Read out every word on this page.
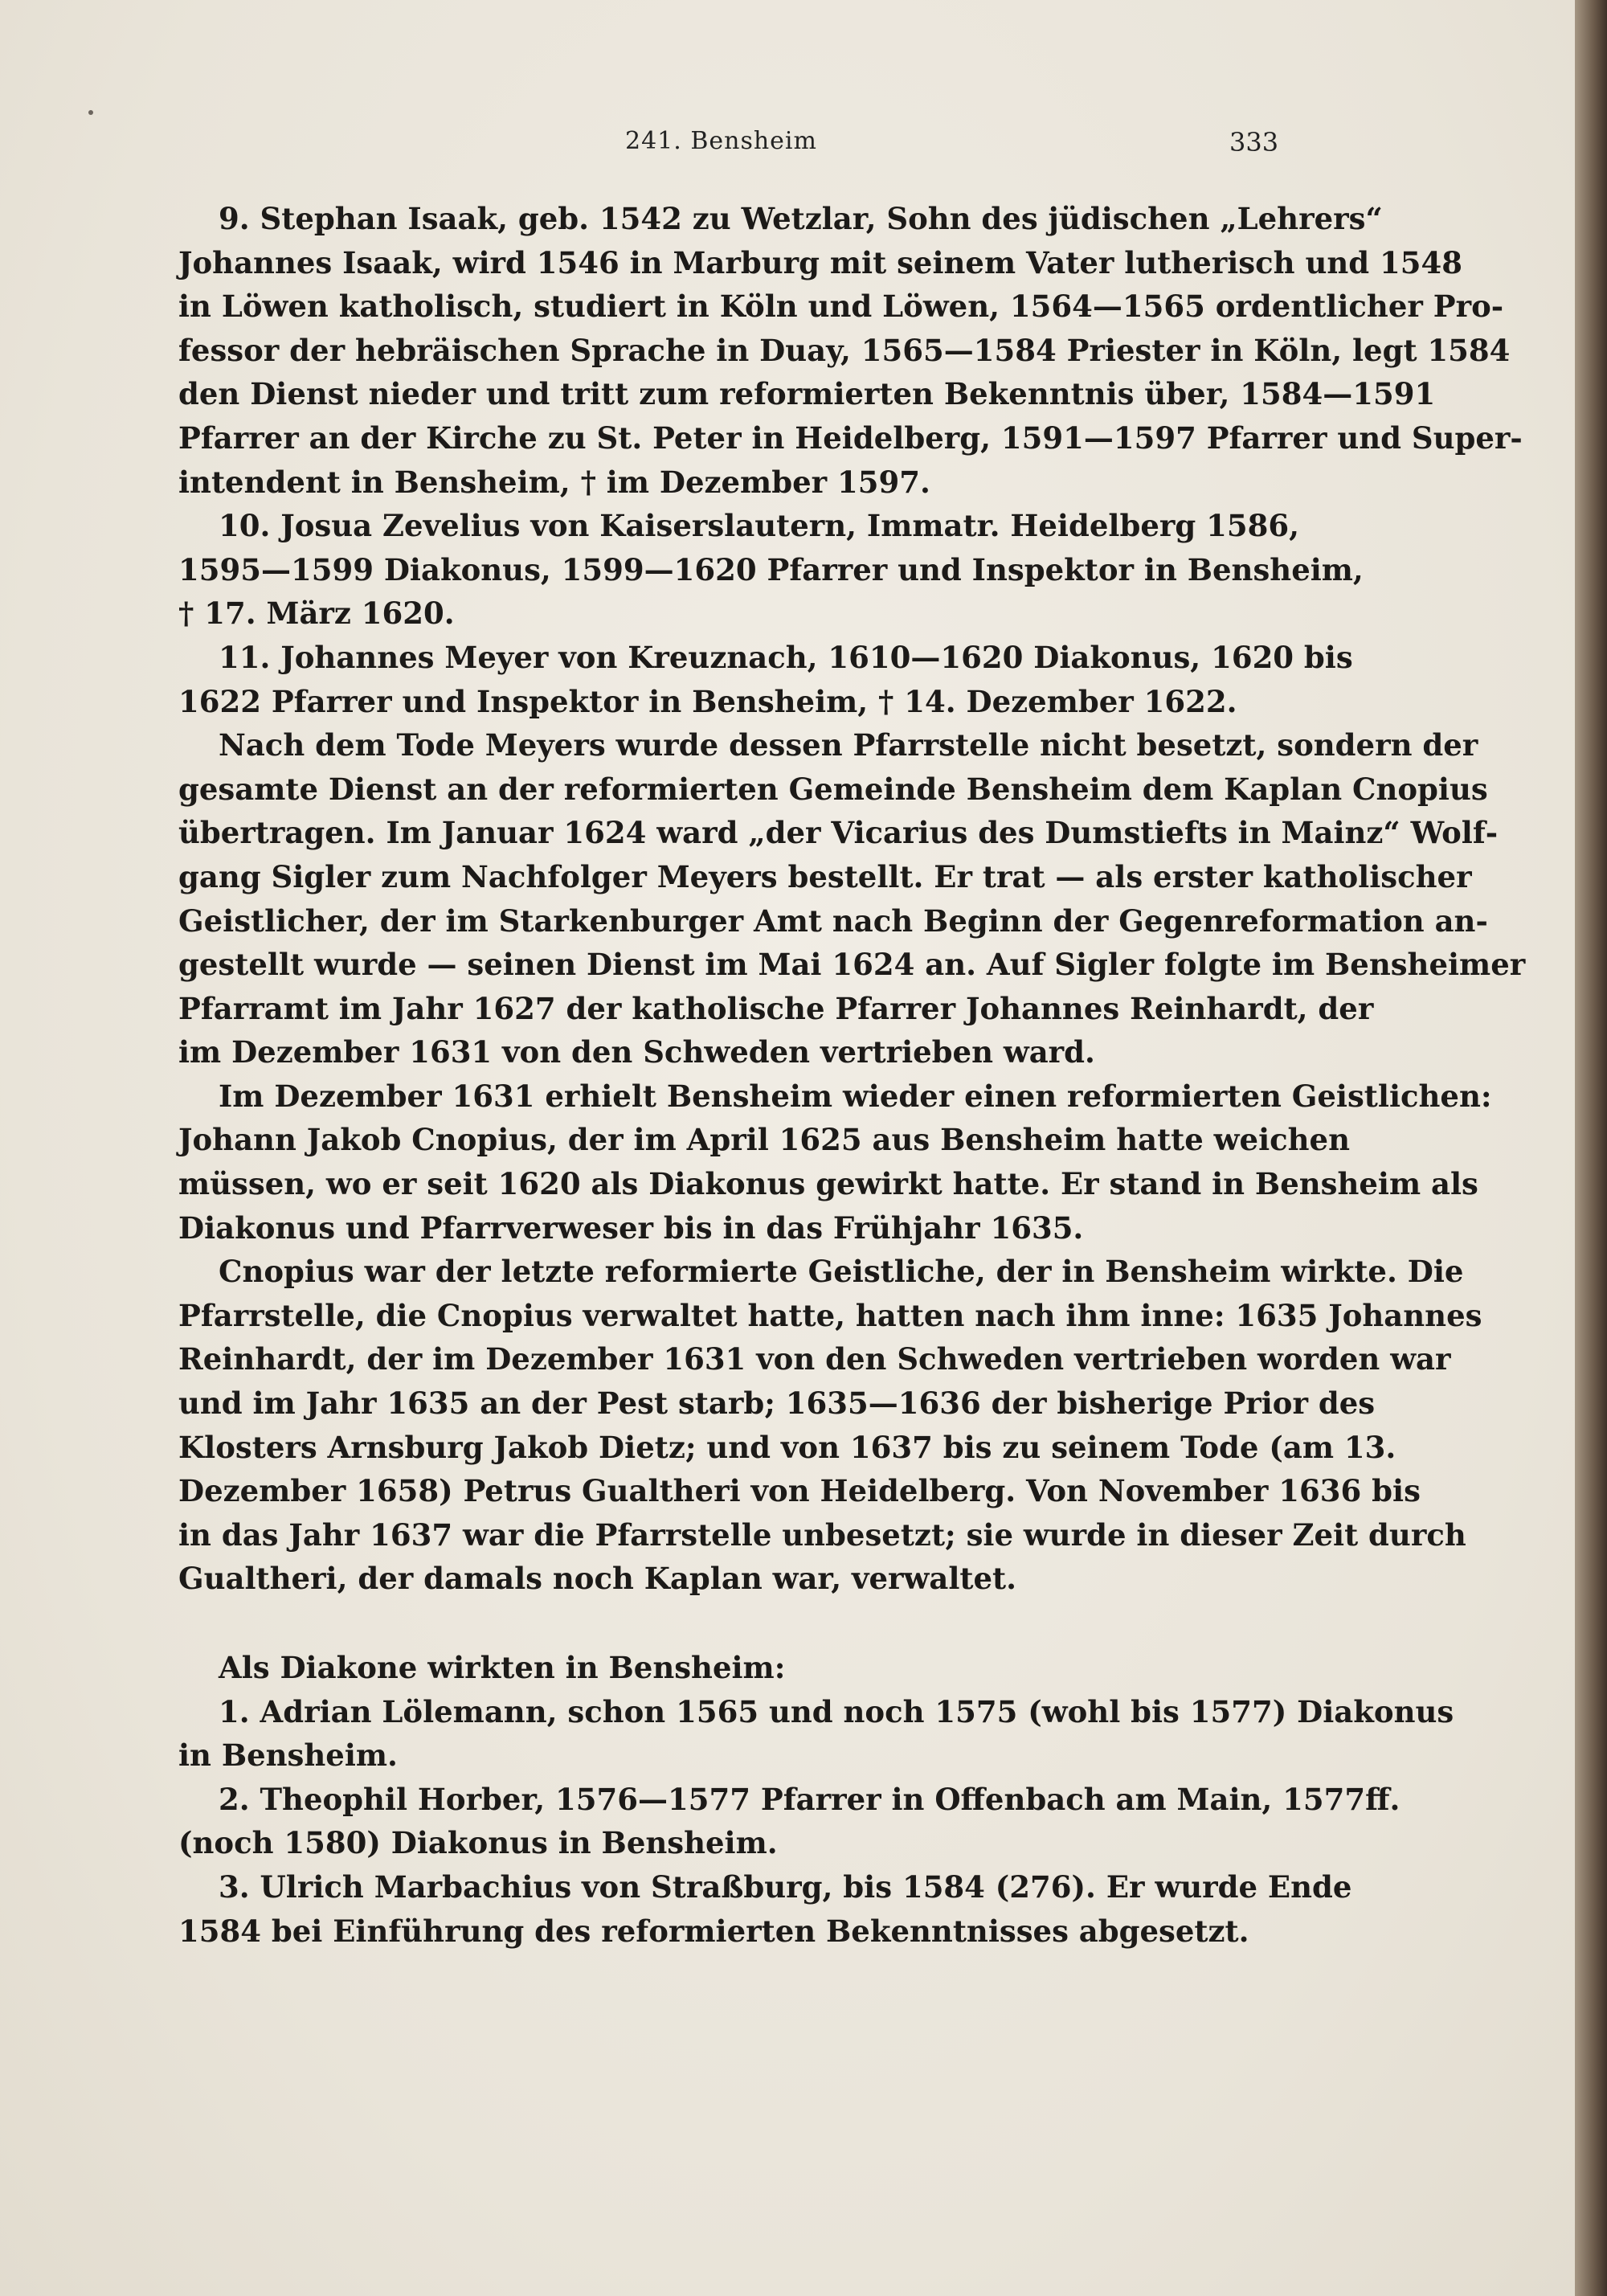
241. Bensheim	333
9. Stephan Isaak, geb. 1542 zu Wetzlar, Sohn des jüdischen „Lehrers“
Johannes Isaak, wird 1546 in Marburg mit seinem Vater lutherisch und 1548
in Löwen katholisch, studiert in Köln und Löwen, 1564—1565 ordentlicher Pro‑
fessor der hebräischen Sprache in Duay, 1565—1584 Priester in Köln, legt 1584
den Dienst nieder und tritt zum reformierten Bekenntnis über, 1584—1591
Pfarrer an der Kirche zu St. Peter in Heidelberg, 1591—1597 Pfarrer und Super‑
intendent in Bensheim, † im Dezember 1597.
10. Josua Zevelius von Kaiserslautern, Immatr. Heidelberg 1586,
1595—1599 Diakonus, 1599—1620 Pfarrer und Inspektor in Bensheim,
† 17. März 1620.
11. Johannes Meyer von Kreuznach, 1610—1620 Diakonus, 1620 bis
1622 Pfarrer und Inspektor in Bensheim, † 14. Dezember 1622.
Nach dem Tode Meyers wurde dessen Pfarrstelle nicht besetzt, sondern der
gesamte Dienst an der reformierten Gemeinde Bensheim dem Kaplan Cnopius
übertragen. Im Januar 1624 ward „der Vicarius des Dumstiefts in Mainz“ Wolf‑
gang Sigler zum Nachfolger Meyers bestellt. Er trat — als erster katholischer
Geistlicher, der im Starkenburger Amt nach Beginn der Gegenreformation an‑
gestellt wurde — seinen Dienst im Mai 1624 an. Auf Sigler folgte im Bensheimer
Pfarramt im Jahr 1627 der katholische Pfarrer Johannes Reinhardt, der
im Dezember 1631 von den Schweden vertrieben ward.
Im Dezember 1631 erhielt Bensheim wieder einen reformierten Geistlichen:
Johann Jakob Cnopius, der im April 1625 aus Bensheim hatte weichen
müssen, wo er seit 1620 als Diakonus gewirkt hatte. Er stand in Bensheim als
Diakonus und Pfarrverweser bis in das Frühjahr 1635.
Cnopius war der letzte reformierte Geistliche, der in Bensheim wirkte. Die
Pfarrstelle, die Cnopius verwaltet hatte, hatten nach ihm inne: 1635 Johannes
Reinhardt, der im Dezember 1631 von den Schweden vertrieben worden war
und im Jahr 1635 an der Pest starb; 1635—1636 der bisherige Prior des
Klosters Arnsburg Jakob Dietz; und von 1637 bis zu seinem Tode (am 13.
Dezember 1658) Petrus Gualtheri von Heidelberg. Von November 1636 bis
in das Jahr 1637 war die Pfarrstelle unbesetzt; sie wurde in dieser Zeit durch
Gualtheri, der damals noch Kaplan war, verwaltet.
Als Diakone wirkten in Bensheim:
1. Adrian Lölemann, schon 1565 und noch 1575 (wohl bis 1577) Diakonus
in Bensheim.
2. Theophil Horber, 1576—1577 Pfarrer in Offenbach am Main, 1577ff.
(noch 1580) Diakonus in Bensheim.
3. Ulrich Marbachius von Straßburg, bis 1584 (276). Er wurde Ende
1584 bei Einführung des reformierten Bekenntnisses abgesetzt.
